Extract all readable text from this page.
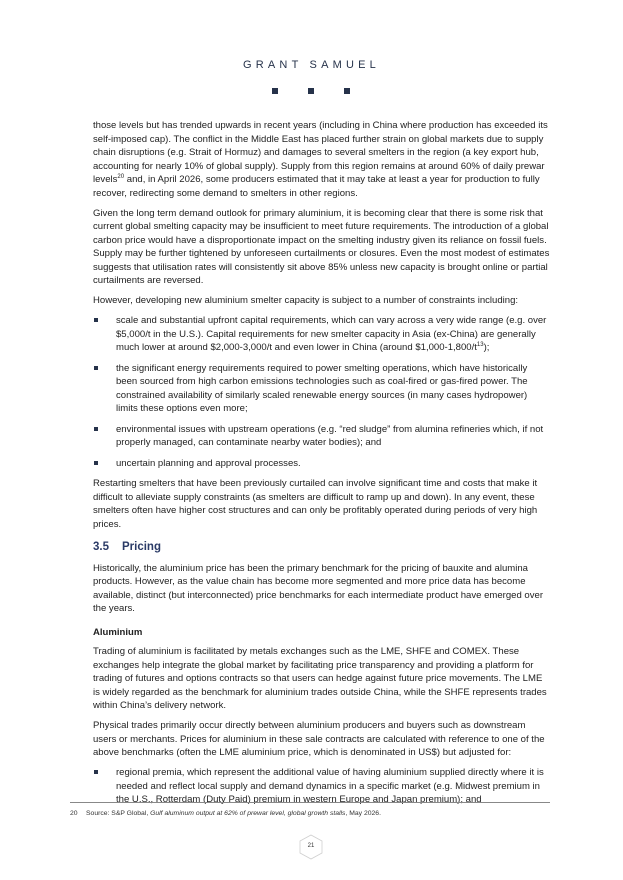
GRANT SAMUEL

those levels but has trended upwards in recent years (including in China where production has exceeded its self-imposed cap). The conflict in the Middle East has placed further strain on global markets due to supply chain disruptions (e.g. Strait of Hormuz) and damages to several smelters in the region (a key export hub, accounting for nearly 10% of global supply). Supply from this region remains at around 60% of daily prewar levels$^{20}$ and, in April 2026, some producers estimated that it may take at least a year for production to fully recover, redirecting some demand to smelters in other regions.

Given the long term demand outlook for primary aluminium, it is becoming clear that there is some risk that current global smelting capacity may be insufficient to meet future requirements. The introduction of a global carbon price would have a disproportionate impact on the smelting industry given its reliance on fossil fuels. Supply may be further tightened by unforeseen curtailments or closures. Even the most modest of estimates suggests that utilisation rates will consistently sit above 85% unless new capacity is brought online or partial curtailments are reversed.

However, developing new aluminium smelter capacity is subject to a number of constraints including:

scale and substantial upfront capital requirements, which can vary across a very wide range (e.g. over $5,000/t in the U.S.). Capital requirements for new smelter capacity in Asia (ex-China) are generally much lower at around $2,000-3,000/t and even lower in China (around $\$1,000-1,800/t^{13}$);
the significant energy requirements required to power smelting operations, which have historically been sourced from high carbon emissions technologies such as coal-fired or gas-fired power. The constrained availability of similarly scaled renewable energy sources (in many cases hydropower) limits these options even more;
environmental issues with upstream operations (e.g. “red sludge” from alumina refineries which, if not properly managed, can contaminate nearby water bodies); and
uncertain planning and approval processes.

Restarting smelters that have been previously curtailed can involve significant time and costs that make it difficult to alleviate supply constraints (as smelters are difficult to ramp up and down). In any event, these smelters often have higher cost structures and can only be profitably operated during periods of very high prices.

3.5 Pricing

Historically, the aluminium price has been the primary benchmark for the pricing of bauxite and alumina products. However, as the value chain has become more segmented and more price data has become available, distinct (but interconnected) price benchmarks for each intermediate product have emerged over the years.

Aluminium

Trading of aluminium is facilitated by metals exchanges such as the LME, SHFE and COMEX. These exchanges help integrate the global market by facilitating price transparency and providing a platform for trading of futures and options contracts so that users can hedge against future price movements. The LME is widely regarded as the benchmark for aluminium trades outside China, while the SHFE represents trades within China’s delivery network.

Physical trades primarily occur directly between aluminium producers and buyers such as downstream users or merchants. Prices for aluminium in these sale contracts are calculated with reference to one of the above benchmarks (often the LME aluminium price, which is denominated in US$) but adjusted for:

regional premia, which represent the additional value of having aluminium supplied directly where it is needed and reflect local supply and demand dynamics in a specific market (e.g. Midwest premium in the U.S., Rotterdam (Duty Paid) premium in western Europe and Japan premium); and
20 Source: S&P Global, Gulf aluminum output at 62% of prewar level, global growth stalls, May 2026.
21
